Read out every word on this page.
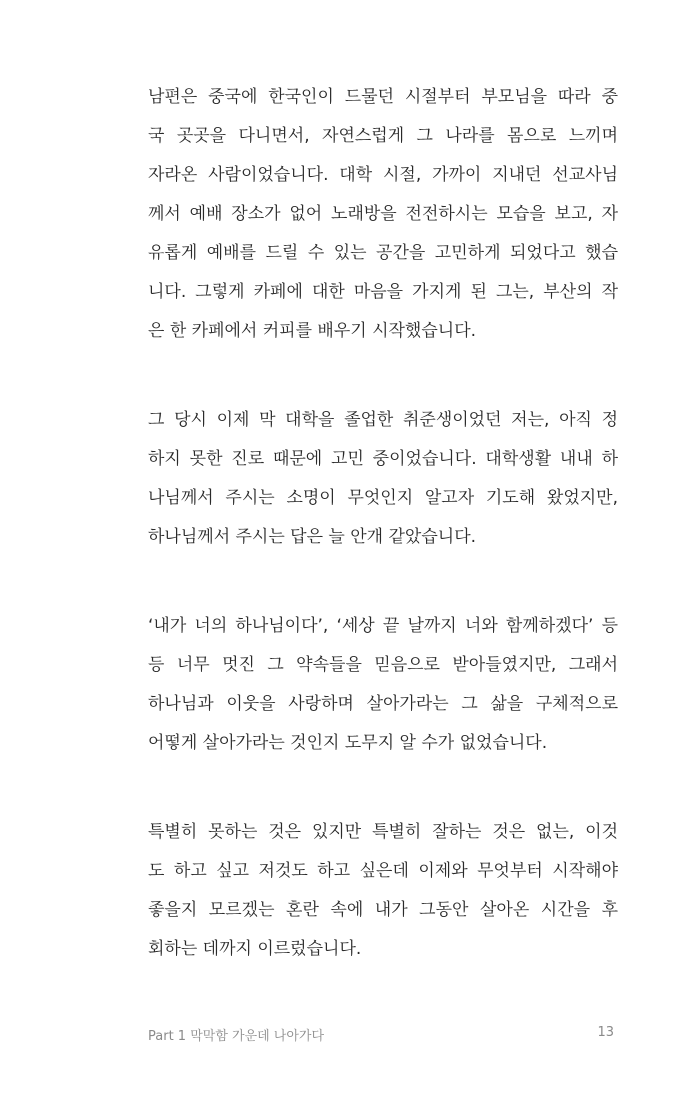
남편은 중국에 한국인이 드물던 시절부터 부모님을 따라 중
국 곳곳을 다니면서, 자연스럽게 그 나라를 몸으로 느끼며
자라온 사람이었습니다. 대학 시절, 가까이 지내던 선교사님
께서 예배 장소가 없어 노래방을 전전하시는 모습을 보고, 자
유롭게 예배를 드릴 수 있는 공간을 고민하게 되었다고 했습
니다. 그렇게 카페에 대한 마음을 가지게 된 그는, 부산의 작
은 한 카페에서 커피를 배우기 시작했습니다.
그 당시 이제 막 대학을 졸업한 취준생이었던 저는, 아직 정
하지 못한 진로 때문에 고민 중이었습니다. 대학생활 내내 하
나님께서 주시는 소명이 무엇인지 알고자 기도해 왔었지만,
하나님께서 주시는 답은 늘 안개 같았습니다.
‘내가 너의 하나님이다’, ‘세상 끝 날까지 너와 함께하겠다’ 등
등 너무 멋진 그 약속들을 믿음으로 받아들였지만, 그래서
하나님과 이웃을 사랑하며 살아가라는 그 삶을 구체적으로
어떻게 살아가라는 것인지 도무지 알 수가 없었습니다.
특별히 못하는 것은 있지만 특별히 잘하는 것은 없는, 이것
도 하고 싶고 저것도 하고 싶은데 이제와 무엇부터 시작해야
좋을지 모르겠는 혼란 속에 내가 그동안 살아온 시간을 후
회하는 데까지 이르렀습니다.
Part 1 막막함 가운데 나아가다	13
